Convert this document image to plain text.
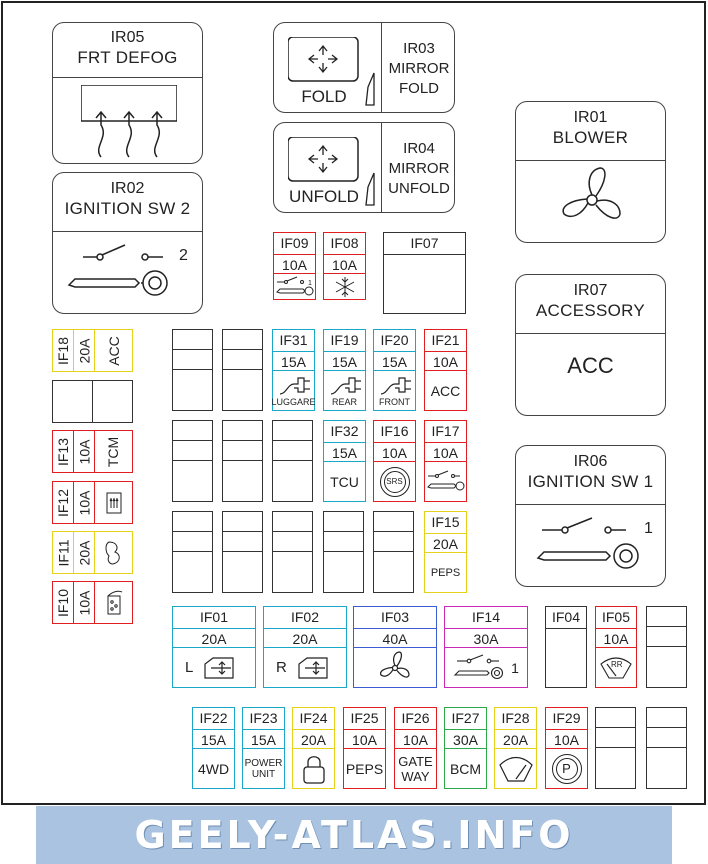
IR05
FRT DEFOG
FOLD
IR03
MIRROR
FOLD
UNFOLD
IR04
MIRROR
UNFOLD
IR01
BLOWER
IR02
IGNITION SW 2
2
IR07
ACCESSORY
ACC
IR06
IGNITION SW 1
1
IF09
10A
1
IF08
10A
IF07
IF18 20A ACC
IF13 10A TCM
IF12 10A
IF11 20A
IF10 10A
IF31
15A
LUGGARE
IF19
15A
REAR
IF20
15A
FRONT
IF21
10A
ACC
IF32
15A
TCU
IF16
10A
SRS
IF17
10A
IF15
20A
PEPS
IF01
20A
L
IF02
20A
R
IF03
40A
IF14
30A
1
IF04	IF05
10A
RR
IF22
15A
4WD
IF23
15A
POWER
UNIT
IF24
20A
IF25
10A
PEPS
IF26
10A
GATE
WAY
IF27
30A
BCM
IF28
20A
IF29
10A
P
GEELY-ATLAS.INFO
